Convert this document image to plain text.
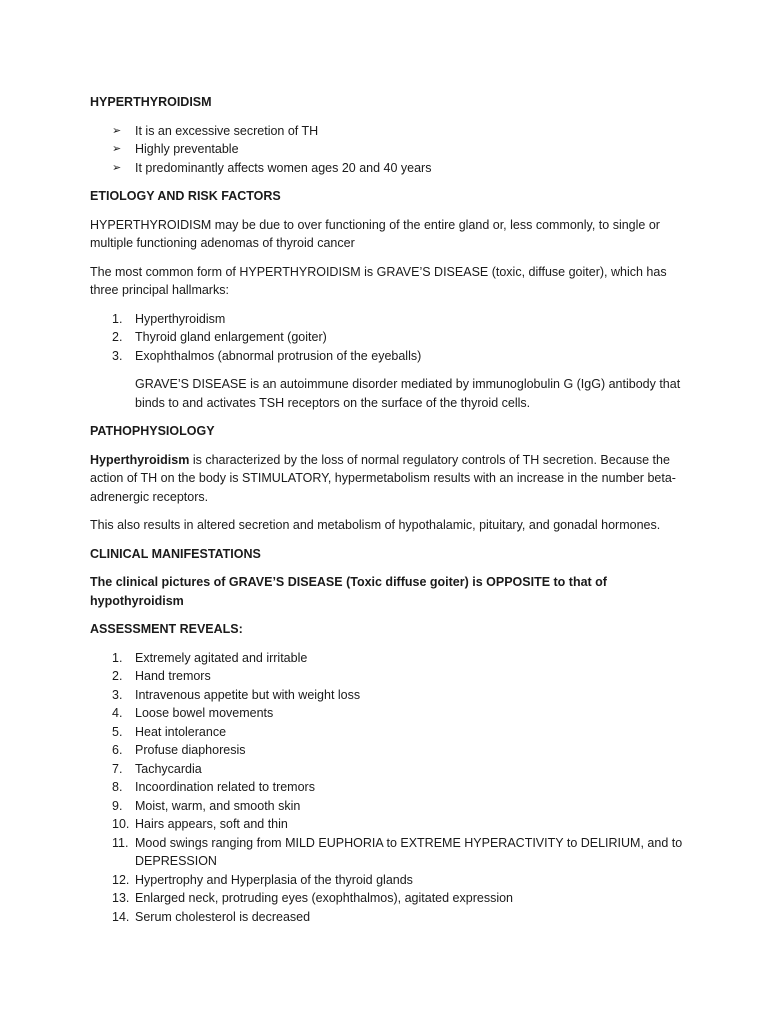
HYPERTHYROIDISM
➢ It is an excessive secretion of TH
➢ Highly preventable
➢ It predominantly affects women ages 20 and 40 years
ETIOLOGY AND RISK FACTORS

HYPERTHYROIDISM may be due to over functioning of the entire gland or, less commonly, to single or multiple functioning adenomas of thyroid cancer

The most common form of HYPERTHYROIDISM is GRAVE’S DISEASE (toxic, diffuse goiter), which has three principal hallmarks:

1. Hyperthyroidism
2. Thyroid gland enlargement (goiter)
3. Exophthalmos (abnormal protrusion of the eyeballs)

GRAVE’S DISEASE is an autoimmune disorder mediated by immunoglobulin G (IgG) antibody that binds to and activates TSH receptors on the surface of the thyroid cells.

PATHOPHYSIOLOGY

Hyperthyroidism is characterized by the loss of normal regulatory controls of TH secretion. Because the action of TH on the body is STIMULATORY, hypermetabolism results with an increase in the number beta-adrenergic receptors.

This also results in altered secretion and metabolism of hypothalamic, pituitary, and gonadal hormones.

CLINICAL MANIFESTATIONS

The clinical pictures of GRAVE’S DISEASE (Toxic diffuse goiter) is OPPOSITE to that of hypothyroidism

ASSESSMENT REVEALS:
1. Extremely agitated and irritable
2. Hand tremors
3. Intravenous appetite but with weight loss
4. Loose bowel movements
5. Heat intolerance
6. Profuse diaphoresis
7. Tachycardia
8. Incoordination related to tremors
9. Moist, warm, and smooth skin
10. Hairs appears, soft and thin
11. Mood swings ranging from MILD EUPHORIA to EXTREME HYPERACTIVITY to DELIRIUM, and to DEPRESSION
12. Hypertrophy and Hyperplasia of the thyroid glands
13. Enlarged neck, protruding eyes (exophthalmos), agitated expression
14. Serum cholesterol is decreased
